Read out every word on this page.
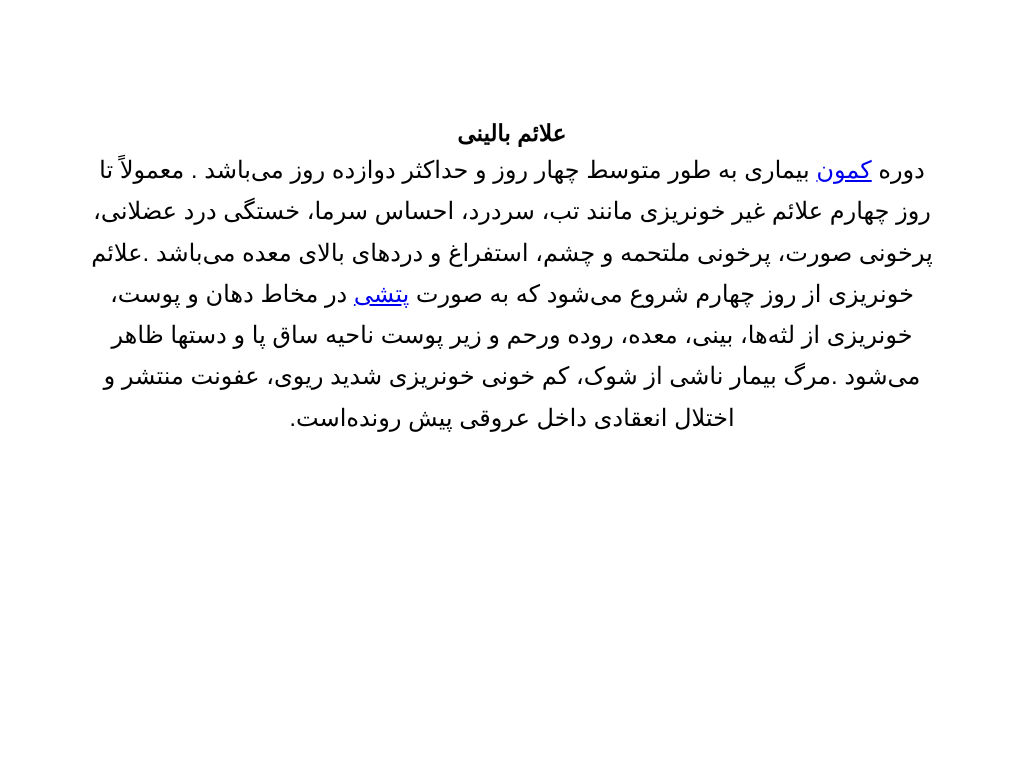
علائم بالینی

دوره کمون بیماری به طور متوسط چهار روز و حداکثر دوازده روز می‌باشد . معمولاً تا روز چهارم علائم غیر خونریزی مانند تب، سردرد، احساس سرما، خستگی درد عضلانی، پرخونی صورت، پرخونی ملتحمه و چشم، استفراغ و دردهای بالای معده می‌باشد .علائم خونریزی از روز چهارم شروع می‌شود که به صورت پتشی در مخاط دهان و پوست، خونریزی از لثه‌ها، بینی، معده، روده ورحم و زیر پوست ناحیه ساق پا و دستها ظاهر می‌شود .مرگ بیمار ناشی از شوک، کم خونی خونریزی شدید ریوی، عفونت منتشر و اختلال انعقادی داخل عروقی پیش رونده‌است.
